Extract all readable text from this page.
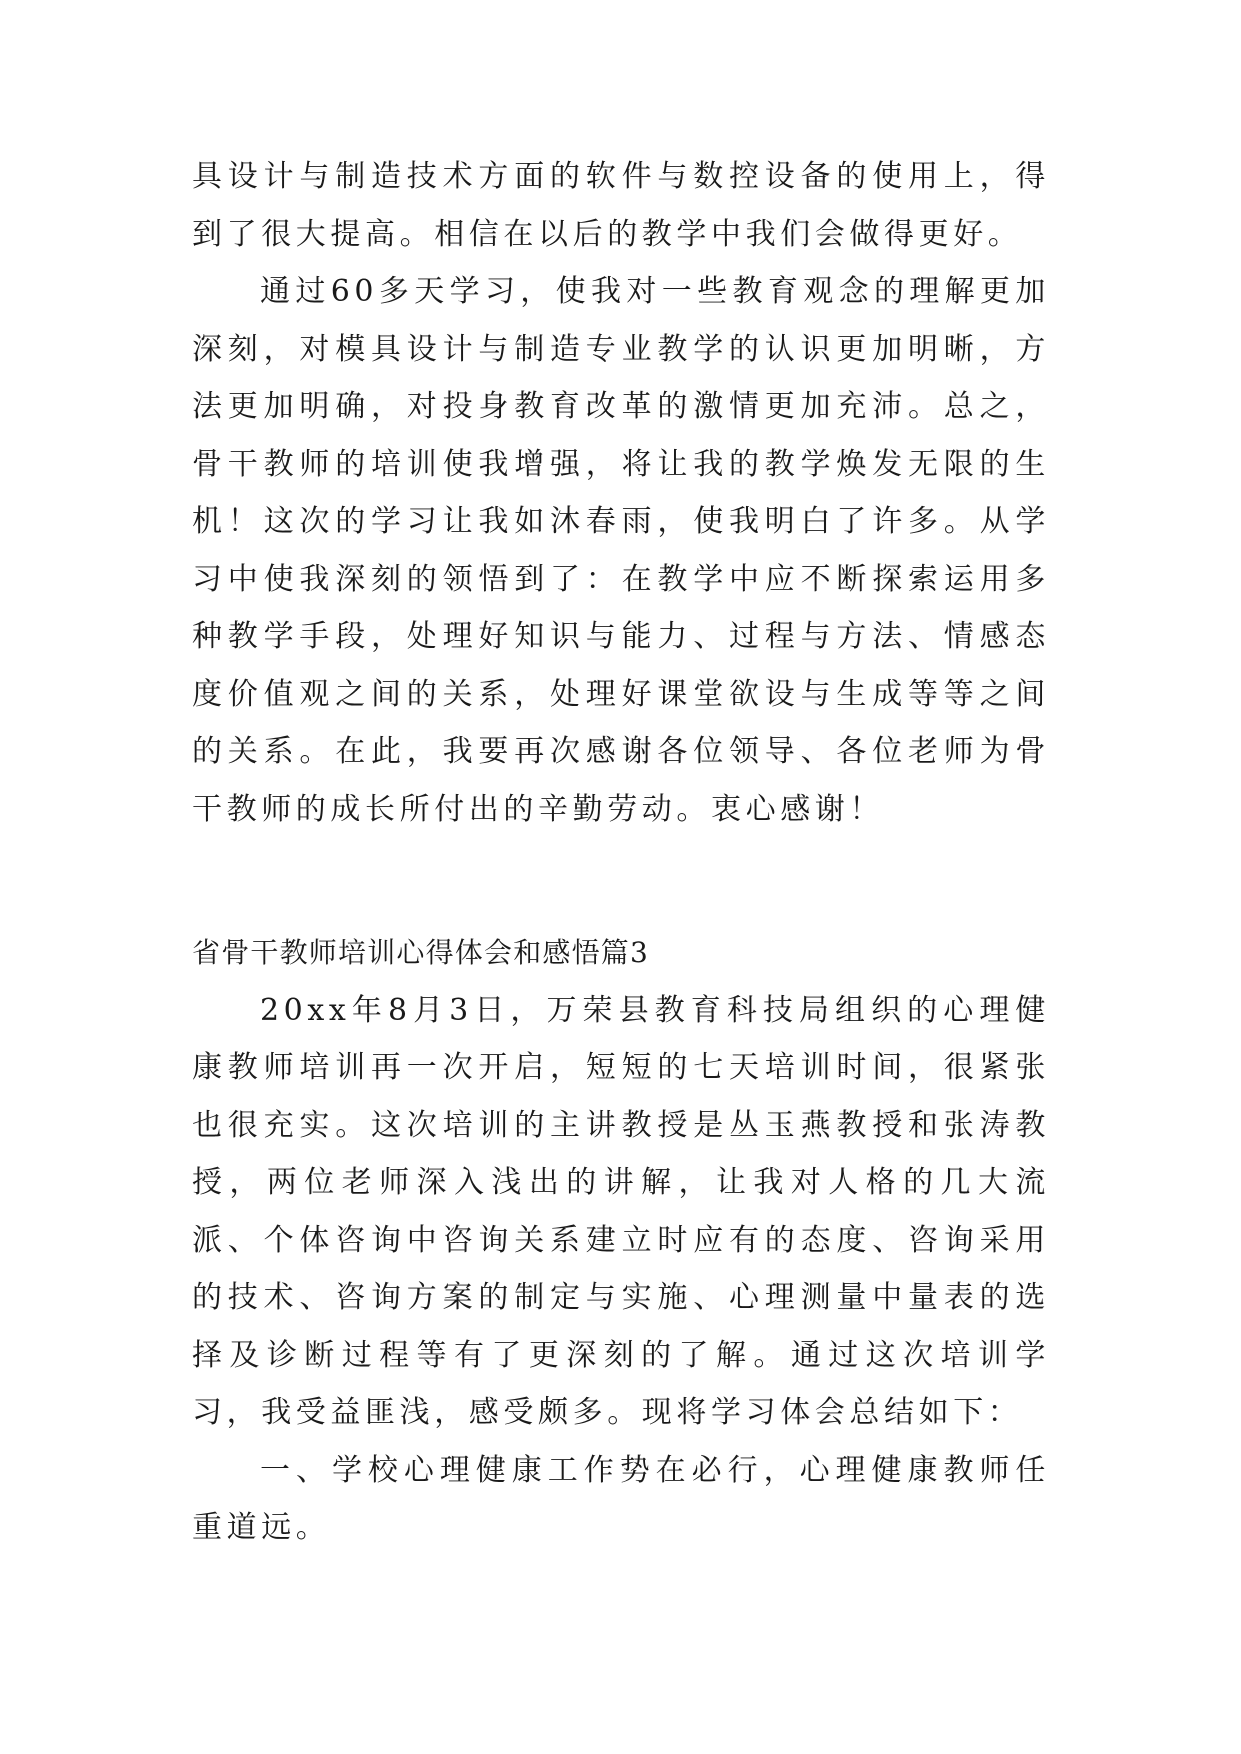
具设计与制造技术方面的软件与数控设备的使用上，得到了很大提高。相信在以后的教学中我们会做得更好。

通过60多天学习，使我对一些教育观念的理解更加深刻，对模具设计与制造专业教学的认识更加明晰，方法更加明确，对投身教育改革的激情更加充沛。总之，骨干教师的培训使我增强，将让我的教学焕发无限的生机！这次的学习让我如沐春雨，使我明白了许多。从学习中使我深刻的领悟到了：在教学中应不断探索运用多种教学手段，处理好知识与能力、过程与方法、情感态度价值观之间的关系，处理好课堂欲设与生成等等之间的关系。在此，我要再次感谢各位领导、各位老师为骨干教师的成长所付出的辛勤劳动。衷心感谢！

省骨干教师培训心得体会和感悟篇3

20xx年8月3日，万荣县教育科技局组织的心理健康教师培训再一次开启，短短的七天培训时间，很紧张也很充实。这次培训的主讲教授是丛玉燕教授和张涛教授，两位老师深入浅出的讲解，让我对人格的几大流派、个体咨询中咨询关系建立时应有的态度、咨询采用的技术、咨询方案的制定与实施、心理测量中量表的选择及诊断过程等有了更深刻的了解。通过这次培训学习，我受益匪浅，感受颇多。现将学习体会总结如下：

一、学校心理健康工作势在必行，心理健康教师任重道远。
